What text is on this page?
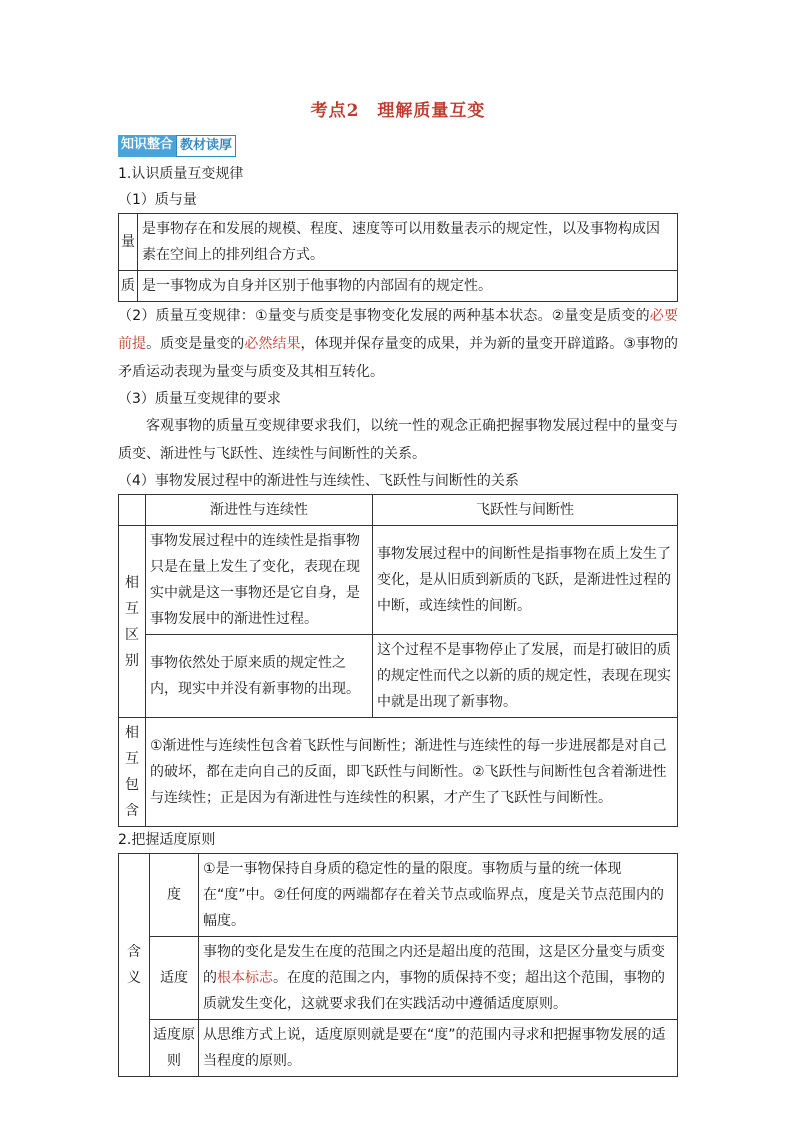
考点2　理解质量互变
知识整合 教材读厚

1.认识质量互变规律

（1）质与量

量	是事物存在和发展的规模、程度、速度等可以用数量表示的规定性，以及事物构成因素在空间上的排列组合方式。
质	是一事物成为自身并区别于他事物的内部固有的规定性。

（2）质量互变规律：①量变与质变是事物变化发展的两种基本状态。②量变是质变的必要前提。质变是量变的必然结果，体现并保存量变的成果，并为新的量变开辟道路。③事物的矛盾运动表现为量变与质变及其相互转化。

（3）质量互变规律的要求

客观事物的质量互变规律要求我们，以统一性的观念正确把握事物发展过程中的量变与质变、渐进性与飞跃性、连续性与间断性的关系。

（4）事物发展过程中的渐进性与连续性、飞跃性与间断性的关系

	渐进性与连续性	飞跃性与间断性
相互区别	事物发展过程中的连续性是指事物只是在量上发生了变化，表现在现实中就是这一事物还是它自身，是事物发展中的渐进性过程。	事物发展过程中的间断性是指事物在质上发生了变化，是从旧质到新质的飞跃，是渐进性过程的中断，或连续性的间断。
	事物依然处于原来质的规定性之内，现实中并没有新事物的出现。	这个过程不是事物停止了发展，而是打破旧的质的规定性而代之以新的质的规定性，表现在现实中就是出现了新事物。
相互包含	①渐进性与连续性包含着飞跃性与间断性；渐进性与连续性的每一步进展都是对自己的破坏，都在走向自己的反面，即飞跃性与间断性。②飞跃性与间断性包含着渐进性与连续性；正是因为有渐进性与连续性的积累，才产生了飞跃性与间断性。	

2.把握适度原则

含义	度	①是一事物保持自身质的稳定性的量的限度。事物质与量的统一体现在“度”中。②任何度的两端都存在着关节点或临界点，度是关节点范围内的幅度。
	适度	事物的变化是发生在度的范围之内还是超出度的范围，这是区分量变与质变的根本标志。在度的范围之内，事物的质保持不变；超出这个范围，事物的质就发生变化，这就要求我们在实践活动中遵循适度原则。
	适度原则	从思维方式上说，适度原则就是要在“度”的范围内寻求和把握事物发展的适当程度的原则。
